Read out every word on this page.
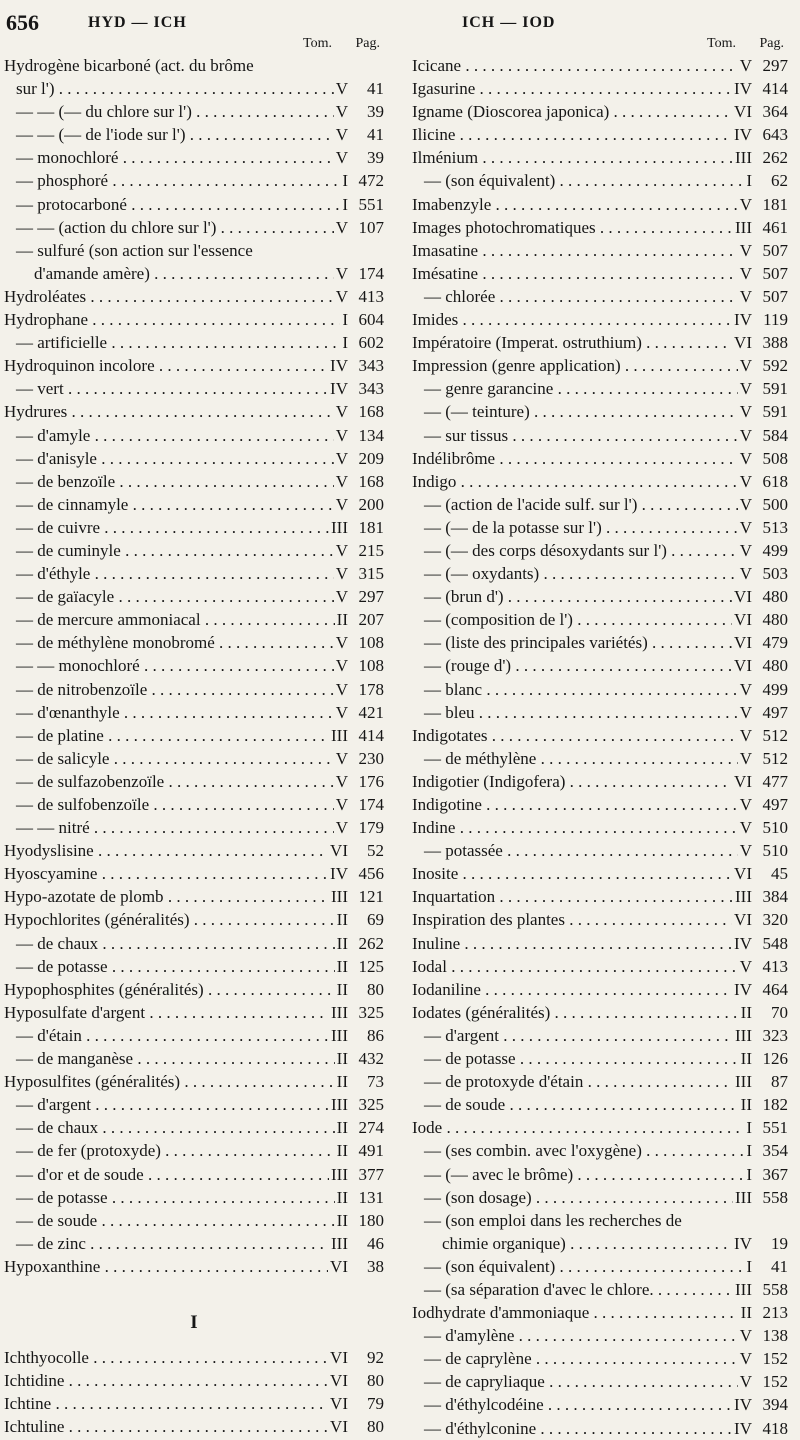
656	HYD — ICH	ICH — IOD
Tom. Pag.
Hydrogène bicarboné (act. du brôme
sur l') . . .	V	41
— — (— du chlore sur l') . . .	V	39
— — (— de l'iode sur l') . . .	V	41
— monochloré . . .	V	39
— phosphoré . . .	I 472
— protocarboné . . .	I 551
— — (action du chlore sur l') . . .	V 107
— sulfuré (son action sur l'essence
d'amande amère) . . .	V 174
Hydroléates . . .	V 413
Hydrophane . . .	I 604
— artificielle . . .	I 602
Hydroquinon incolore . . .	IV 343
— vert . . .	IV 343
Hydrures . . .	V 168
— d'amyle . . .	V 134
— d'anisyle . . .	V 209
— de benzoïle . . .	V 168
— de cinnamyle . . .	V 200
— de cuivre . . .	III 181
— de cuminyle . . .	V 215
— d'éthyle . . .	V 315
— de gaïacyle . . .	V 297
— de mercure ammoniacal . . .	II 207
— de méthylène monobromé . . .	V 108
— — monochloré . . .	V 108
— de nitrobenzoïle . . .	V 178
— d'œnanthyle . . .	V 421
— de platine . . .	III 414
— de salicyle . . .	V 230
— de sulfazobenzoïle . . .	V 176
— de sulfobenzoïle . . .	V 174
— — nitré . . .	V 179
Hyodyslisine . . .	VI	52
Hyoscyamine . . .	IV 456
Hypo-azotate de plomb . . .	III 121
Hypochlorites (généralités) . . .	II	69
— de chaux . . .	II 262
— de potasse . . .	II 125
Hypophosphites (généralités) . . .	II	80
Hyposulfate d'argent . . .	III 325
— d'étain . . .	III	86
— de manganèse . . .	II 432
Hyposulfites (généralités) . . .	II	73
— d'argent . . .	III 325
— de chaux . . .	II 274
— de fer (protoxyde) . . .	II 491
— d'or et de soude . . .	III 377
— de potasse . . .	II 131
— de soude . . .	II 180
— de zinc . . .	III	46
Hypoxanthine . . .	VI	38
I
Ichthyocolle . . .	VI	92
Ichtidine . . .	VI	80
Ichtine . . .	VI	79
Ichtuline . . .	VI	80
Tom. Pag.
Icicane . . .	V 297
Igasurine . . .	IV 414
Igname (Dioscorea japonica) . . .	VI 364
Ilicine . . .	IV 643
Ilménium . . .	III 262
— (son équivalent) . . .	I	62
Imabenzyle . . .	V 181
Images photochromatiques . . .	III 461
Imasatine . . .	V 507
Imésatine . . .	V 507
— chlorée . . .	V 507
Imides . . .	IV 119
Impératoire (Imperat. ostruthium) . . .	VI 388
Impression (genre application) . . .	V 592
— genre garancine . . .	V 591
— (— teinture) . . .	V 591
— sur tissus . . .	V 584
Indélibrôme . . .	V 508
Indigo . . .	V 618
— (action de l'acide sulf. sur l') . . .	V 500
— (— de la potasse sur l') . . .	V 513
— (— des corps désoxydants sur l') . . .	V 499
— (— oxydants) . . .	V 503
— (brun d') . . .	VI 480
— (composition de l') . . .	VI 480
— (liste des principales variétés) . . .	VI 479
— (rouge d') . . .	VI 480
— blanc . . .	V 499
— bleu . . .	V 497
Indigotates . . .	V 512
— de méthylène . . .	V 512
Indigotier (Indigofera) . . .	VI 477
Indigotine . . .	V 497
Indine . . .	V 510
— potassée . . .	V 510
Inosite . . .	VI	45
Inquartation . . .	III 384
Inspiration des plantes . . .	VI 320
Inuline . . .	IV 548
Iodal . . .	V 413
Iodaniline . . .	IV 464
Iodates (généralités) . . .	II	70
— d'argent . . .	III 323
— de potasse . . .	II 126
— de protoxyde d'étain . . .	III	87
— de soude . . .	II 182
Iode . . .	I 551
— (ses combin. avec l'oxygène) . . .	I 354
— (— avec le brôme) . . .	I 367
— (son dosage) . . .	III 558
— (son emploi dans les recherches de
chimie organique) . . .	IV	19
— (son équivalent) . . .	I	41
— (sa séparation d'avec le chlore. . . .	III 558
Iodhydrate d'ammoniaque . . .	II 213
— d'amylène . . .	V 138
— de caprylène . . .	V 152
— de capryliaque . . .	V 152
— d'éthylcodéine . . .	IV 394
— d'éthylconine . . .	IV 418
